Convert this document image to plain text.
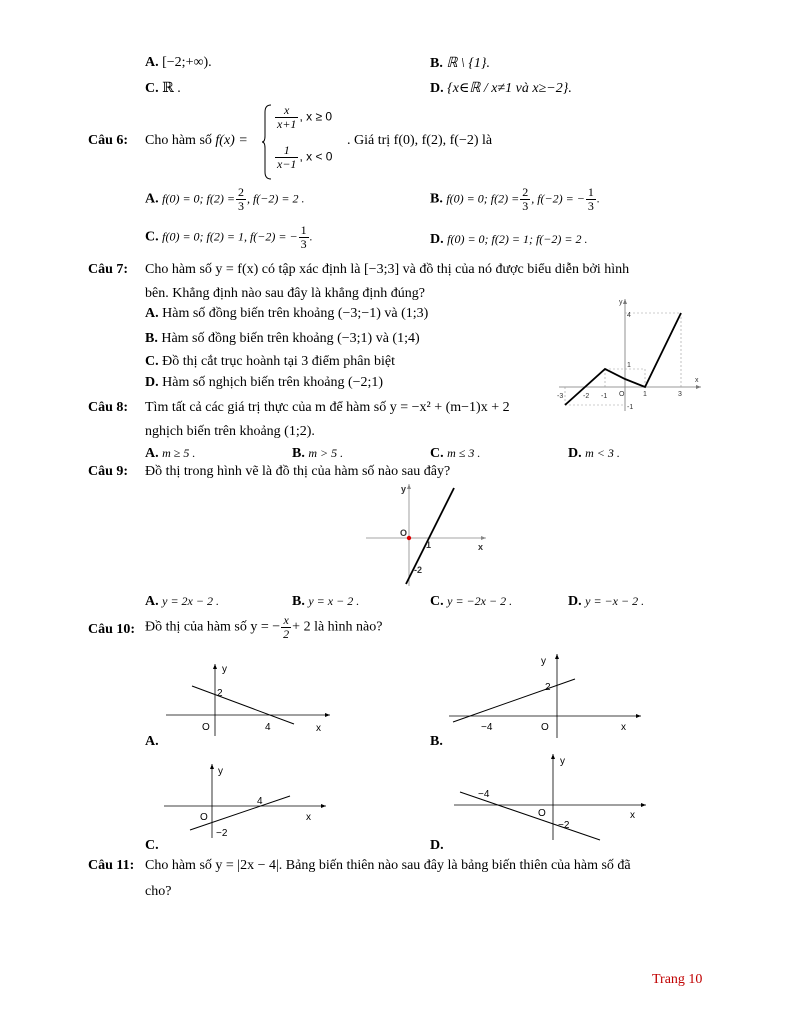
A. [−2;+∞).	B. ℝ \ {1}.
C. ℝ .	D. {x∈ℝ / x≠1 và x≥−2}.
Câu 6: Cho hàm số f(x) =
$\frac{x}{x+1}$ , x ≥ 0
$\frac{1}{x-1}$ , x < 0
. Giá trị f(0), f(2), f(−2) là
A. f(0) = 0; $f(2) = \frac{2}{3}$ , f(−2) = 2 .	B. f(0) = 0; $f(2) = \frac{2}{3}$ , f(−2) = − $\frac{1}{3}$ .
C. f(0) = 0; f(2) = 1, f(−2) = − $\frac{1}{3}$ .	D. f(0) = 0; f(2) = 1; f(−2) = 2 .
Câu 7: Cho hàm số y = f(x) có tập xác định là [−3;3] và đồ thị của nó được biểu diễn bởi hình
bên. Khẳng định nào sau đây là khẳng định đúng?
A. Hàm số đồng biến trên khoảng (−3;−1) và (1;3)
B. Hàm số đồng biến trên khoảng (−3;1) và (1;4)
C. Đồ thị cắt trục hoành tại 3 điểm phân biệt
D. Hàm số nghịch biến trên khoảng (−2;1)
y
x
4
1
-3	-2 -1 O	1	3
-1
Câu 8: Tìm tất cả các giá trị thực của m để hàm số y = −x² + (m−1)x + 2
nghịch biến trên khoảng (1;2).
A. m ≥ 5 .	B. m > 5 .	C. m ≤ 3 .	D. m < 3 .
Câu 9: Đồ thị trong hình vẽ là đồ thị của hàm số nào sau đây?
y
x
O
1
-2
A. y = 2x − 2 .	B. y = x − 2 .	C. y = −2x − 2 .	D. y = −x − 2 .
Câu 10: Đồ thị của hàm số y = − $\frac{x}{2} + 2$ là hình nào?
y
x
O
2
4
A.
y
x
O
2
−4
B.
y
x
O
4
−2
C.
y
x
O
−4
−2
D.
Câu 11: Cho hàm số y = |2x − 4|. Bảng biến thiên nào sau đây là bảng biến thiên của hàm số đã
cho?
Trang 10
